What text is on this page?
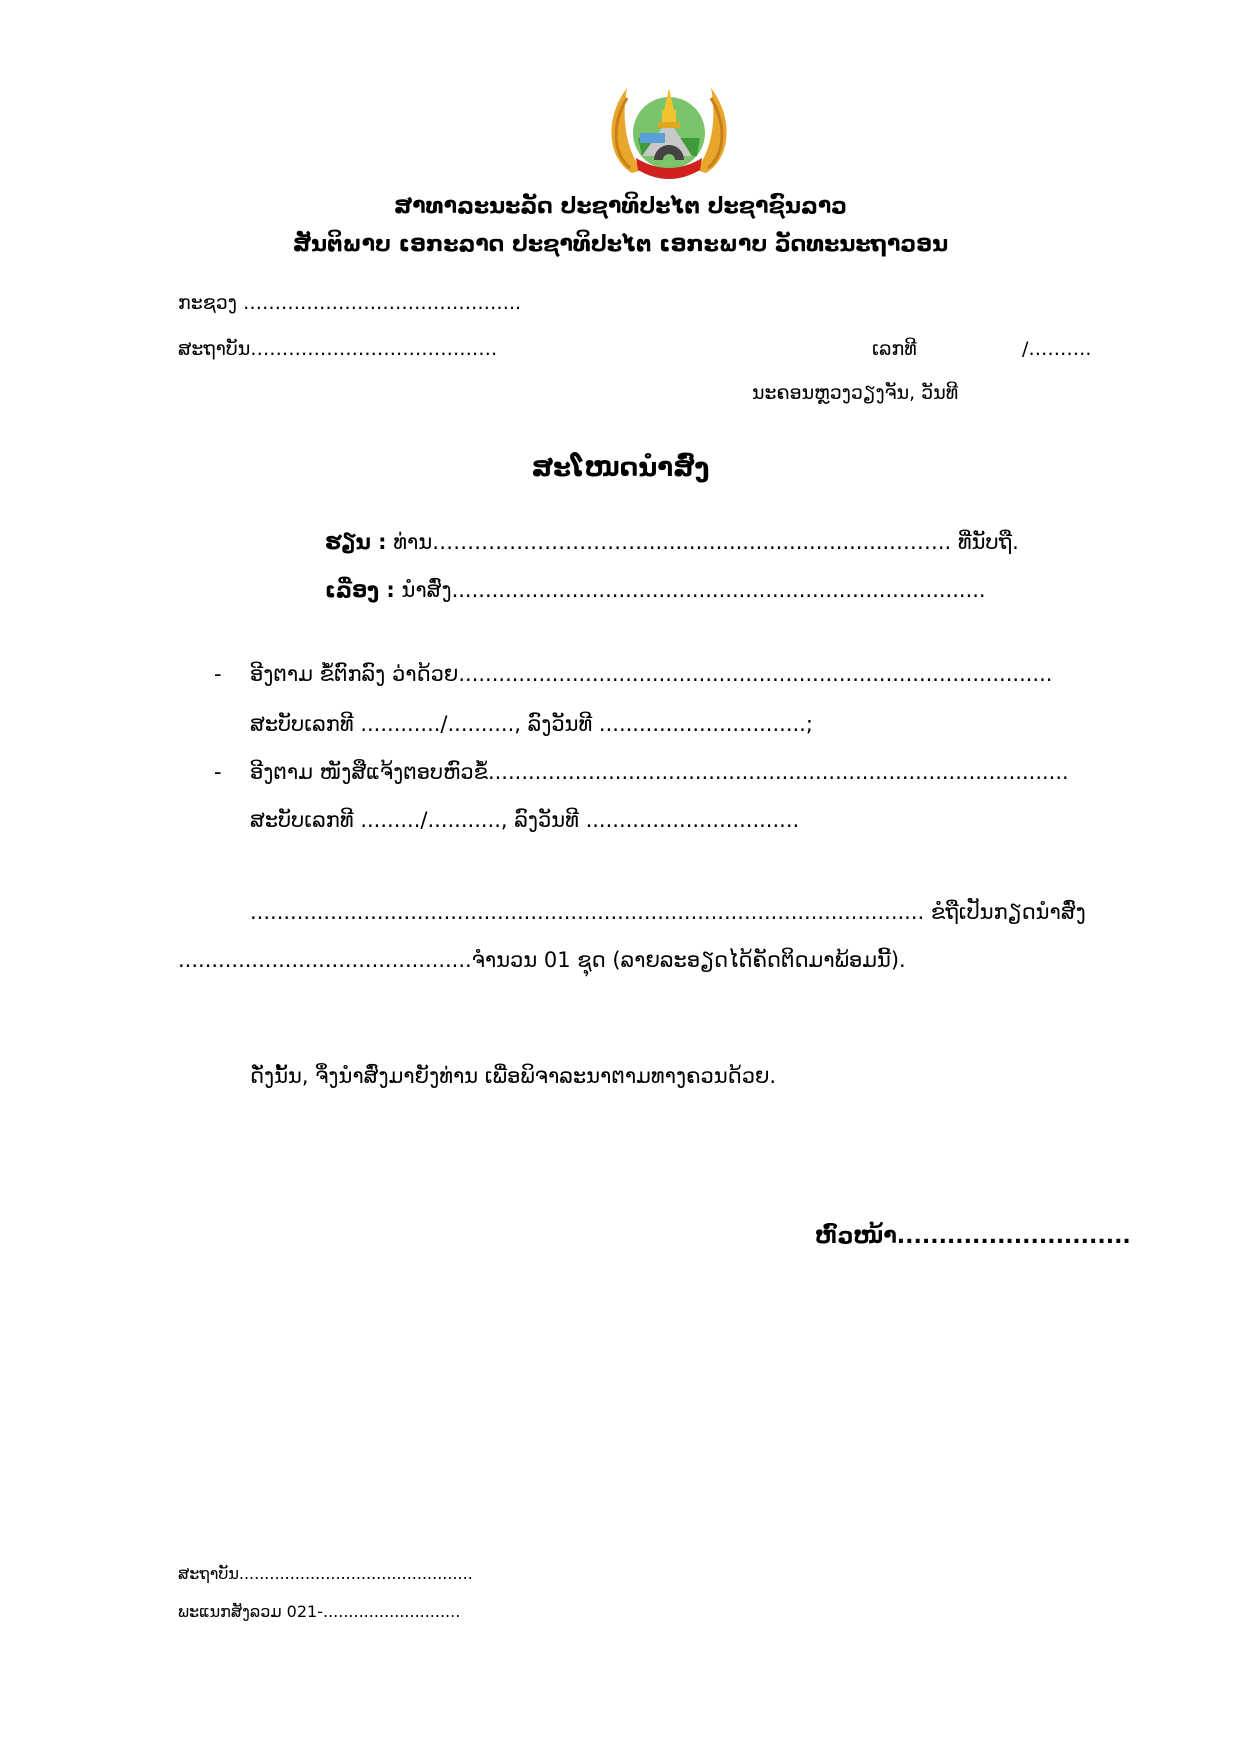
ສາທາລະນະລັດ ປະຊາທິປະໄຕ ປະຊາຊົນລາວ
ສັນຕິພາບ ເອກະລາດ ປະຊາທິປະໄຕ ເອກະພາບ ວັດທະນະຖາວອນ
ກະຊວງ ……………………………………..
ສະຖາບັນ…………………………………	ເລກທີ	/……….
ນະຄອນຫຼວງວຽງຈັນ, ວັນທີ
ສະໂໜດນຳສົ່ງ
ຮຽນ : ທ່ານ…………………………......................................…….. ທີ່ນັບຖື.
ເລື່ອງ : ນຳສົ່ງ................................................................................
- ອີງຕາມ ຂໍ້ຕົກລົງ ວ່າດ້ວຍ.........................................................................................
ສະບັບເລກທີ ............/.........., ລົງວັນທີ ...............................;
- ອີງຕາມ ໜັງສືແຈ້ງຕອບຫົວຂໍ້.......................................................................................
ສະບັບເລກທີ ........./..........., ລົງວັນທີ ................................
..................................................................................................... ຂໍຖືເປັນກຽດນຳສົ່ງ
............................................ຈຳນວນ 01 ຊຸດ (ລາຍລະອຽດໄດ້ຄັດຕິດມາພ້ອມນີ້).
ດັ່ງນັ້ນ, ຈຶ່ງນຳສົ່ງມາຍັງທ່ານ ເພື່ອພິຈາລະນາຕາມທາງຄວນດ້ວຍ.
ຫົວໜ້າ............................
ສະຖາບັນ..............................................
ພະແນກສັງລວມ 021-...........................
